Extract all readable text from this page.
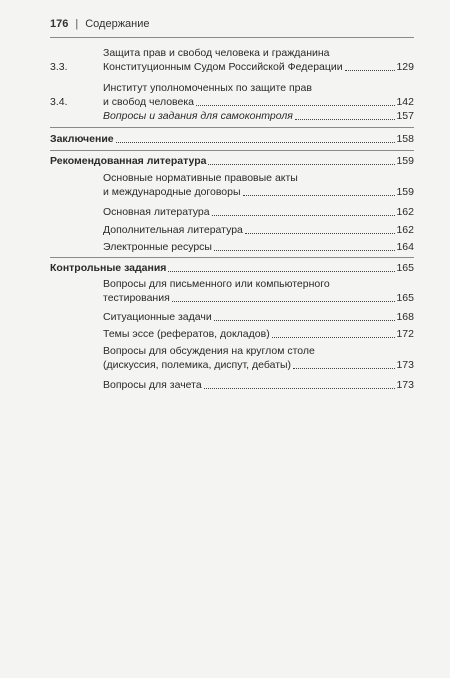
176 | Содержание
3.3.
Защита прав и свобод человека и гражданина
Конституционным Судом Российской Федерации	129
3.4.
Институт уполномоченных по защите прав
и свобод человека	142
Вопросы и задания для самоконтроля	157
Заключение	158
Рекомендованная литература	159
Основные нормативные правовые акты
и международные договоры	159
Основная литература	162
Дополнительная литература	162
Электронные ресурсы	164
Контрольные задания	165
Вопросы для письменного или компьютерного
тестирования	165
Ситуационные задачи	168
Темы эссе (рефератов, докладов)	172
Вопросы для обсуждения на круглом столе
(дискуссия, полемика, диспут, дебаты)	173
Вопросы для зачета	173
